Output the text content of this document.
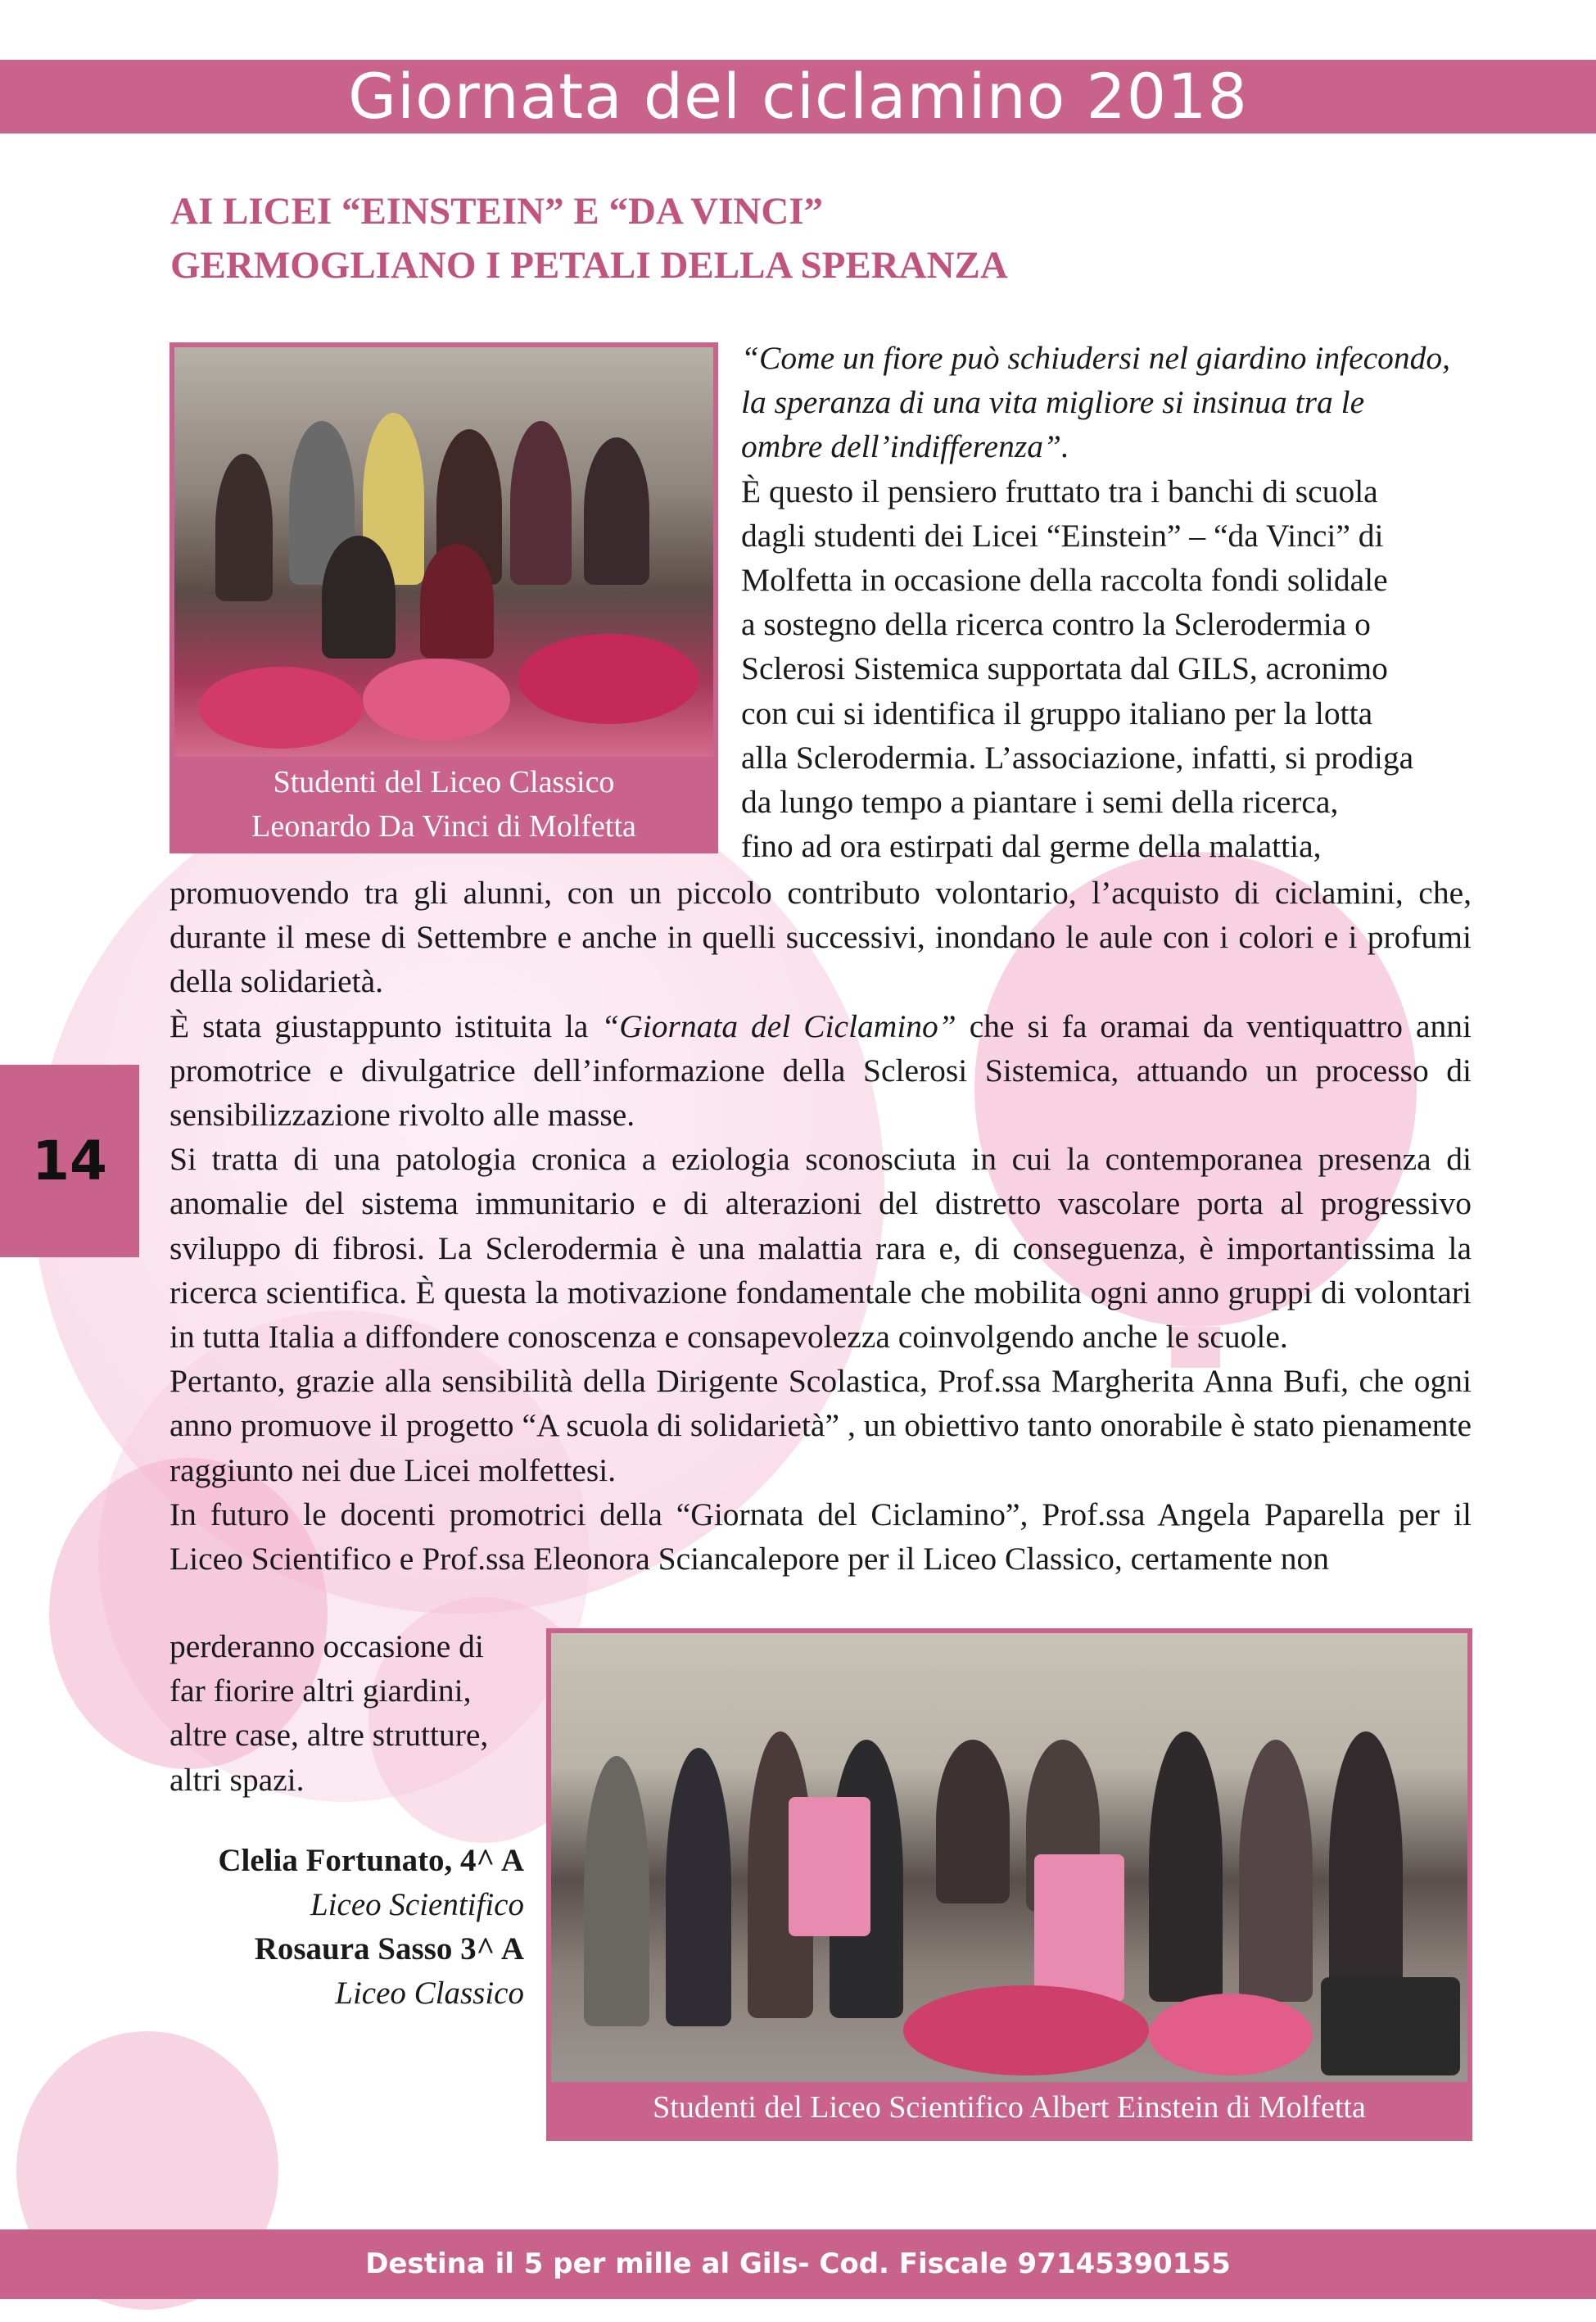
Giornata del ciclamino 2018
AI LICEI “EINSTEIN” E “DA VINCI”
GERMOGLIANO I PETALI DELLA SPERANZA
Studenti del Liceo Classico
Leonardo Da Vinci di Molfetta
“Come un fiore può schiudersi nel giardino infecondo,
la speranza di una vita migliore si insinua tra le
ombre dell’indifferenza”.
È questo il pensiero fruttato tra i banchi di scuola
dagli studenti dei Licei “Einstein” – “da Vinci” di
Molfetta in occasione della raccolta fondi solidale
a sostegno della ricerca contro la Sclerodermia o
Sclerosi Sistemica supportata dal GILS, acronimo
con cui si identifica il gruppo italiano per la lotta
alla Sclerodermia. L’associazione, infatti, si prodiga
da lungo tempo a piantare i semi della ricerca,
fino ad ora estirpati dal germe della malattia,
promuovendo tra gli alunni, con un piccolo contributo volontario, l’acquisto di ciclamini, che, durante il mese di Settembre e anche in quelli successivi, inondano le aule con i colori e i profumi della solidarietà.
È stata giustappunto istituita la “Giornata del Ciclamino” che si fa oramai da ventiquattro anni promotrice e divulgatrice dell’informazione della Sclerosi Sistemica, attuando un processo di sensibilizzazione rivolto alle masse.
Si tratta di una patologia cronica a eziologia sconosciuta in cui la contemporanea presenza di anomalie del sistema immunitario e di alterazioni del distretto vascolare porta al progressivo sviluppo di fibrosi. La Sclerodermia è una malattia rara e, di conseguenza, è importantissima la ricerca scientifica. È questa la motivazione fondamentale che mobilita ogni anno gruppi di volontari in tutta Italia a diffondere conoscenza e consapevolezza coinvolgendo anche le scuole.
Pertanto, grazie alla sensibilità della Dirigente Scolastica, Prof.ssa Margherita Anna Bufi, che ogni anno promuove il progetto “A scuola di solidarietà” , un obiettivo tanto onorabile è stato pienamente raggiunto nei due Licei molfettesi.
In futuro le docenti promotrici della “Giornata del Ciclamino”, Prof.ssa Angela Paparella per il Liceo Scientifico e Prof.ssa Eleonora Sciancalepore per il Liceo Classico, certamente non
perderanno occasione di
far fiorire altri giardini,
altre case, altre strutture,
altri spazi.
Studenti del Liceo Scientifico Albert Einstein di Molfetta
Clelia Fortunato, 4^ A
Liceo Scientifico
Rosaura Sasso 3^ A
Liceo Classico
14
Destina il 5 per mille al Gils- Cod. Fiscale 97145390155
